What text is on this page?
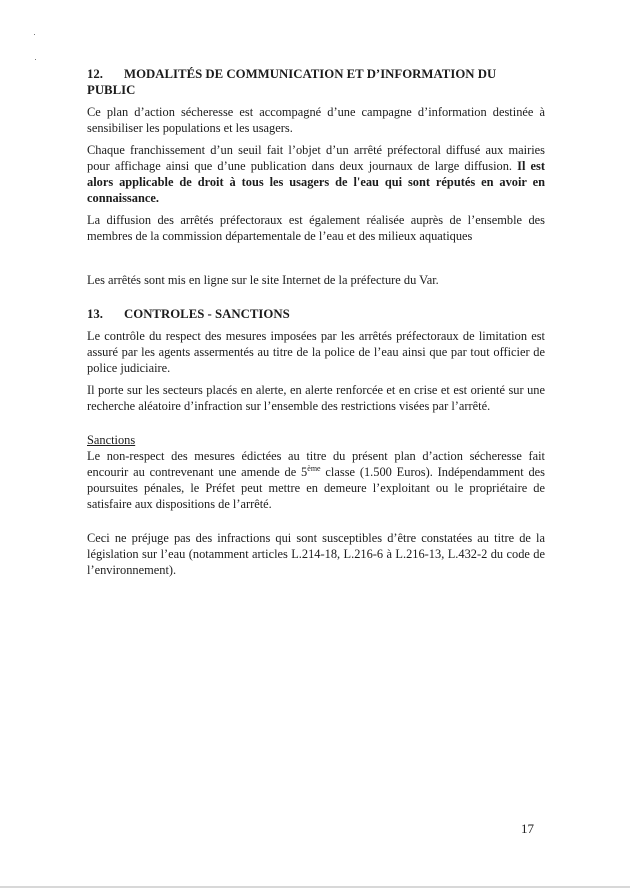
12. MODALITÉS DE COMMUNICATION ET D’INFORMATION DU PUBLIC

Ce plan d’action sécheresse est accompagné d’une campagne d’information destinée à sensibiliser les populations et les usagers.

Chaque franchissement d’un seuil fait l’objet d’un arrêté préfectoral diffusé aux mairies pour affichage ainsi que d’une publication dans deux journaux de large diffusion. Il est alors applicable de droit à tous les usagers de l'eau qui sont réputés en avoir en connaissance.

La diffusion des arrêtés préfectoraux est également réalisée auprès de l’ensemble des membres de la commission départementale de l’eau et des milieux aquatiques

Les arrêtés sont mis en ligne sur le site Internet de la préfecture du Var.

13. CONTROLES - SANCTIONS

Le contrôle du respect des mesures imposées par les arrêtés préfectoraux de limitation est assuré par les agents assermentés au titre de la police de l’eau ainsi que par tout officier de police judiciaire.

Il porte sur les secteurs placés en alerte, en alerte renforcée et en crise et est orienté sur une recherche aléatoire d’infraction sur l’ensemble des restrictions visées par l’arrêté.

Sanctions
Le non-respect des mesures édictées au titre du présent plan d’action sécheresse fait encourir au contrevenant une amende de 5ème classe (1.500 Euros). Indépendamment des poursuites pénales, le Préfet peut mettre en demeure l’exploitant ou le propriétaire de satisfaire aux dispositions de l’arrêté.

Ceci ne préjuge pas des infractions qui sont susceptibles d’être constatées au titre de la législation sur l’eau (notamment articles L.214-18, L.216-6 à L.216-13, L.432-2 du code de l’environnement).

17
